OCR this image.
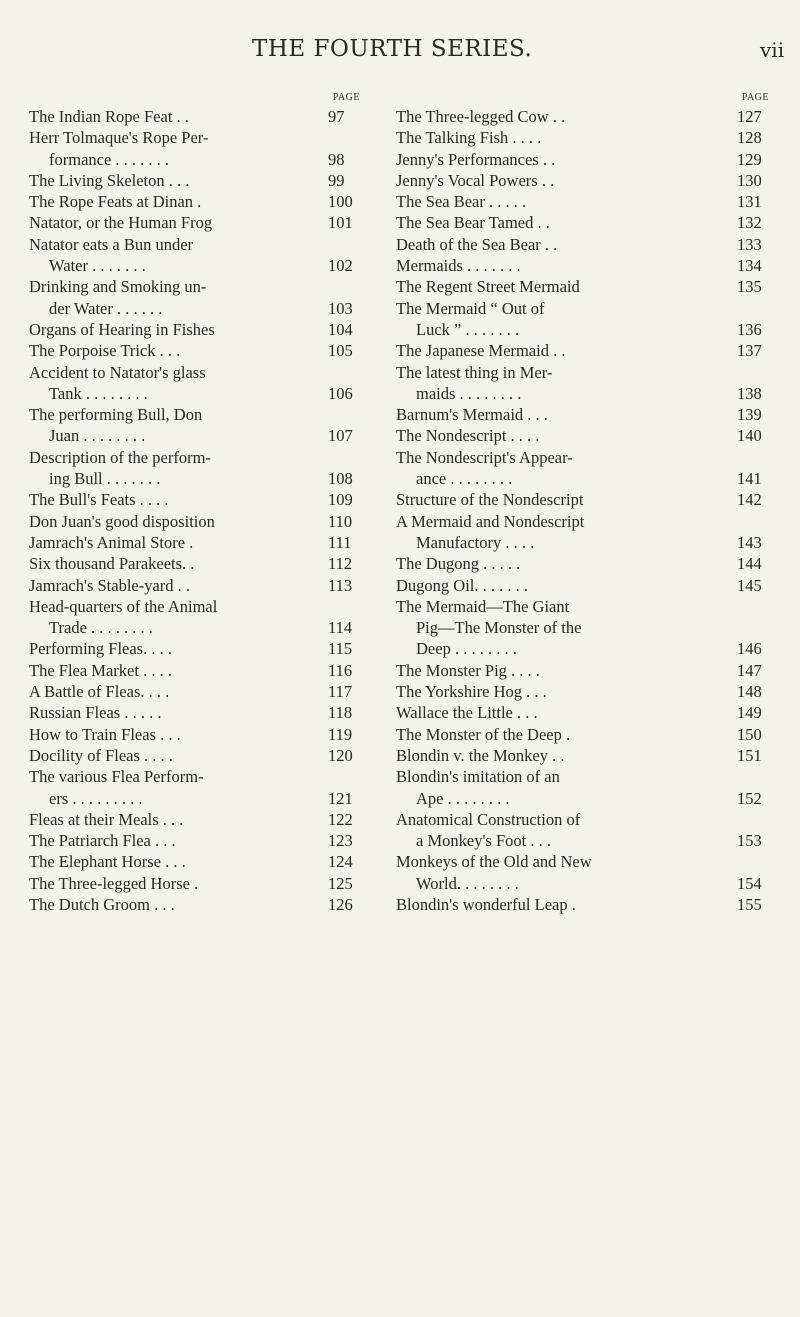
THE FOURTH SERIES.	vii
PAGE
The Indian Rope Feat . .	97
Herr Tolmaque's Rope Per-
formance . . . . . . .	98
The Living Skeleton . . .	99
The Rope Feats at Dinan .	100
Natator, or the Human Frog	101
Natator eats a Bun under
Water . . . . . . .	102
Drinking and Smoking un-
der Water . . . . . .	103
Organs of Hearing in Fishes	104
The Porpoise Trick . . .	105
Accident to Natator's glass
Tank . . . . . . . .	106
The performing Bull, Don
Juan . . . . . . . .	107
Description of the perform-
ing Bull . . . . . . .	108
The Bull's Feats . . . .	109
Don Juan's good disposition	110
Jamrach's Animal Store .	111
Six thousand Parakeets. .	112
Jamrach's Stable-yard . .	113
Head-quarters of the Animal
Trade . . . . . . . .	114
Performing Fleas. . . .	115
The Flea Market . . . .	116
A Battle of Fleas. . . .	117
Russian Fleas . . . . .	118
How to Train Fleas . . .	119
Docility of Fleas . . . .	120
The various Flea Perform-
ers . . . . . . . . .	121
Fleas at their Meals . . .	122
The Patriarch Flea . . .	123
The Elephant Horse . . .	124
The Three-legged Horse .	125
The Dutch Groom . . .	126
PAGE
The Three-legged Cow . .	127
The Talking Fish . . . .	128
Jenny's Performances . .	129
Jenny's Vocal Powers . .	130
The Sea Bear . . . . .	131
The Sea Bear Tamed . .	132
Death of the Sea Bear . .	133
Mermaids . . . . . . .	134
The Regent Street Mermaid	135
The Mermaid “ Out of
Luck ” . . . . . . .	136
The Japanese Mermaid . .	137
The latest thing in Mer-
maids . . . . . . . .	138
Barnum's Mermaid . . .	139
The Nondescript . . . .	140
The Nondescript's Appear-
ance . . . . . . . .	141
Structure of the Nondescript	142
A Mermaid and Nondescript
Manufactory . . . .	143
The Dugong . . . . .	144
Dugong Oil. . . . . . .	145
The Mermaid—The Giant
Pig—The Monster of the
Deep . . . . . . . .	146
The Monster Pig . . . .	147
The Yorkshire Hog . . .	148
Wallace the Little . . .	149
The Monster of the Deep .	150
Blondin v. the Monkey . .	151
Blondin's imitation of an
Ape . . . . . . . .	152
Anatomical Construction of
a Monkey's Foot . . .	153
Monkeys of the Old and New
World. . . . . . . .	154
Blondin's wonderful Leap .	155
